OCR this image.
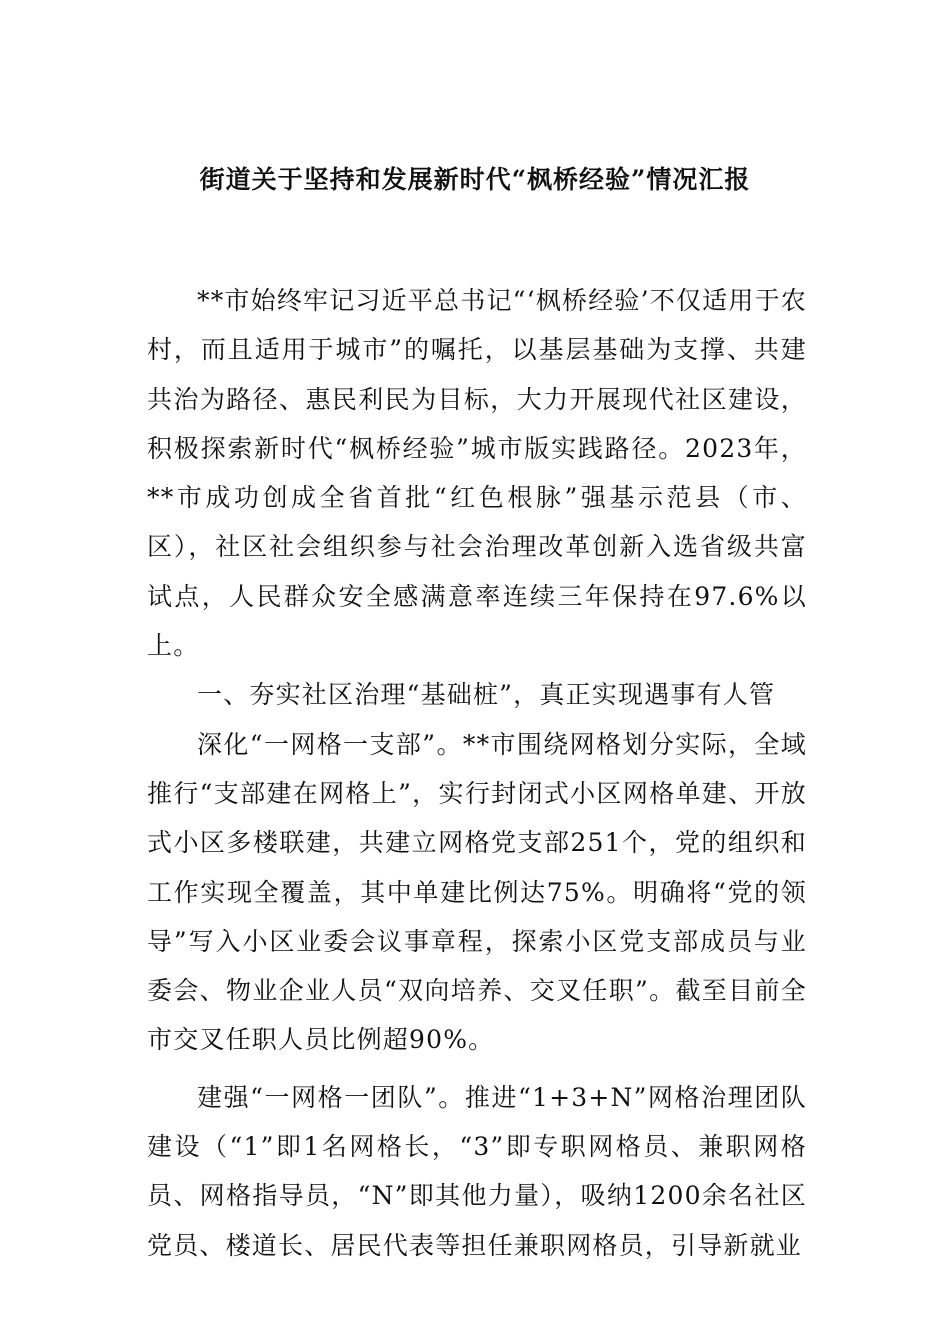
街道关于坚持和发展新时代“枫桥经验”情况汇报

**市始终牢记习近平总书记“‘枫桥经验’不仅适用于农村，而且适用于城市”的嘱托，以基层基础为支撑、共建共治为路径、惠民利民为目标，大力开展现代社区建设，积极探索新时代“枫桥经验”城市版实践路径。2023年，**市成功创成全省首批“红色根脉”强基示范县（市、区），社区社会组织参与社会治理改革创新入选省级共富试点，人民群众安全感满意率连续三年保持在97.6%以上。

一、夯实社区治理“基础桩”，真正实现遇事有人管

深化“一网格一支部”。**市围绕网格划分实际，全域推行“支部建在网格上”，实行封闭式小区网格单建、开放式小区多楼联建，共建立网格党支部251个，党的组织和工作实现全覆盖，其中单建比例达75%。明确将“党的领导”写入小区业委会议事章程，探索小区党支部成员与业委会、物业企业人员“双向培养、交叉任职”。截至目前全市交叉任职人员比例超90%。

建强“一网格一团队”。推进“1+3+N”网格治理团队建设（“1”即1名网格长，“3”即专职网格员、兼职网格员、网格指导员，“N”即其他力量），吸纳1200余名社区党员、楼道长、居民代表等担任兼职网格员，引导新就业
